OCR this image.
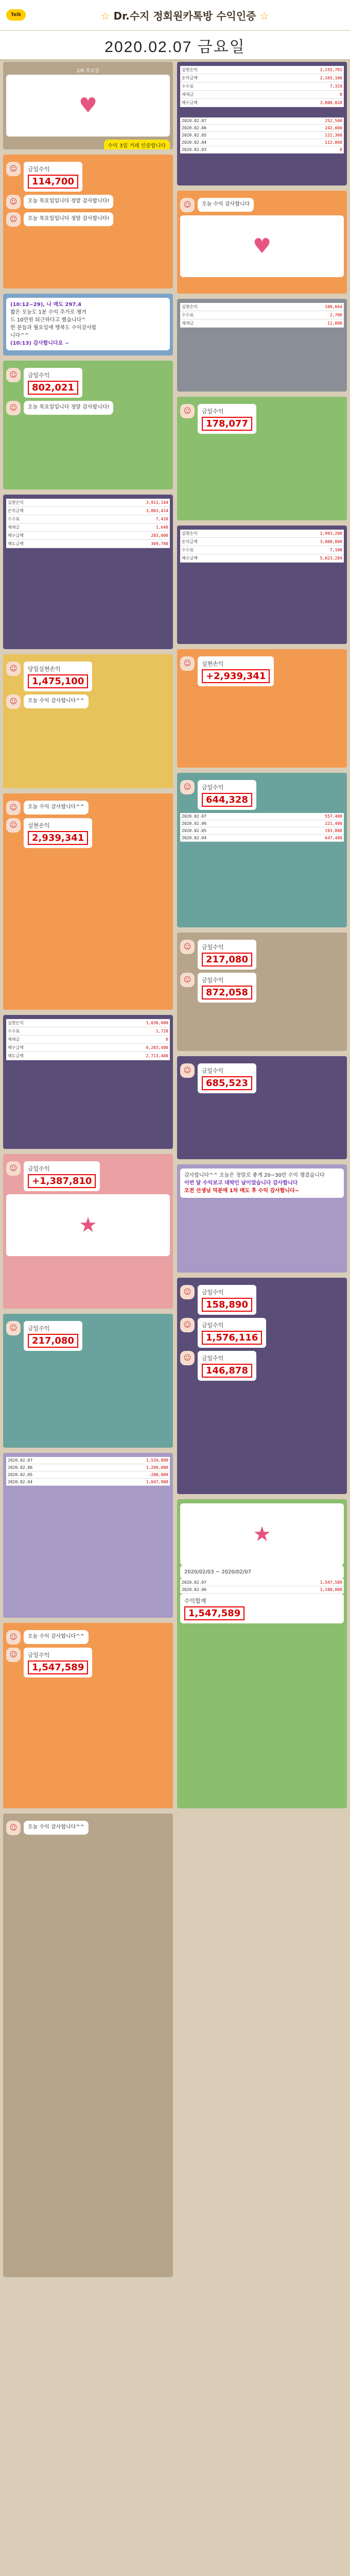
Talk	☆ Dr.수지 정회원카톡방 수익인증 ☆
2020.02.07 금요일
2/6 목요일
♥
수익 3일 거래 인증합니다
☺	금일수익
114,700
☺	오늘 목요일입니다 정말 감사합니다!
☺	오늘 목요일입니다 정말 감사합니다!
(10:12~29), 나 매도 297.4
짧은 오늘도 1분 수익 추가로 챙겨
드 10만원 퇴근하다고 했습니다^
한 분들과 월요일에 행복도 수익감사합
니다^^
(10:13) 감사합니다요 ~
☺	금일수익
802,021
☺	오늘 목요일입니다 정말 감사합니다!
실현손익	3,911,144
손익금액	3,803,414
수수료	7,420
제세금	1,640
매수금액	203,000
매도금액	369,700
☺	당일실현손익
1,475,100
☺	오늘 수익 감사합니다^^
☺	오늘 수익 감사합니다^^
☺	실현손익
2,939,341
실현손익	1,030,000
수수료	1,720
제세금	0
매수금액	6,203,400
매도금액	2,713,400
☺	금일수익
+1,387,810
★
☺	금일수익
217,080
2020.02.07	1,534,890
2020.02.06	1,200,000
2020.02.05	-200,000
2020.02.04	1,047,900
☺	오늘 수익 감사합니다^^
☺	금일수익
1,547,589
☺	오늘 수익 감사합니다^^
실현손익	2,155,781
손익금액	2,165,100
수수료	7,319
제세금	0
매수금액	3,800,820
2020.02.07	252,560
2020.02.06	242,000
2020.02.05	122,360
2020.02.04	112,060
2020.02.03	0
☺	오늘 수익 감사합니다
♥
실현손익	100,664
수수료	2,700
제세금	12,000
☺	금일수익
178,077
실현손익	2,993,200
손익금액	3,000,000
수수료	7,100
매수금액	5,023,284
☺	실현손익
+2,939,341
☺	금일수익
644,328
2020.02.07	557,400
2020.02.06	221,400
2020.02.05	193,880
2020.02.04	647,480
☺	금일수익
217,080
☺	금일수익
872,058
☺	금일수익
685,523
감사합니다^^ 오늘은 정말로 좋게 20~30만 수익 챙겼습니다
이번 달 수익보고 대박인 날이었습니다 감사합니다
오전 선생님 덕분에 1차 매도 후 수익 감사합니다~
☺	금일수익
158,890
☺	금일수익
1,576,116
☺	금일수익
146,878
★
2020/02/03 ~ 2020/02/07
2020.02.07	1,547,589
2020.02.06	1,100,000
수익합계
1,547,589
